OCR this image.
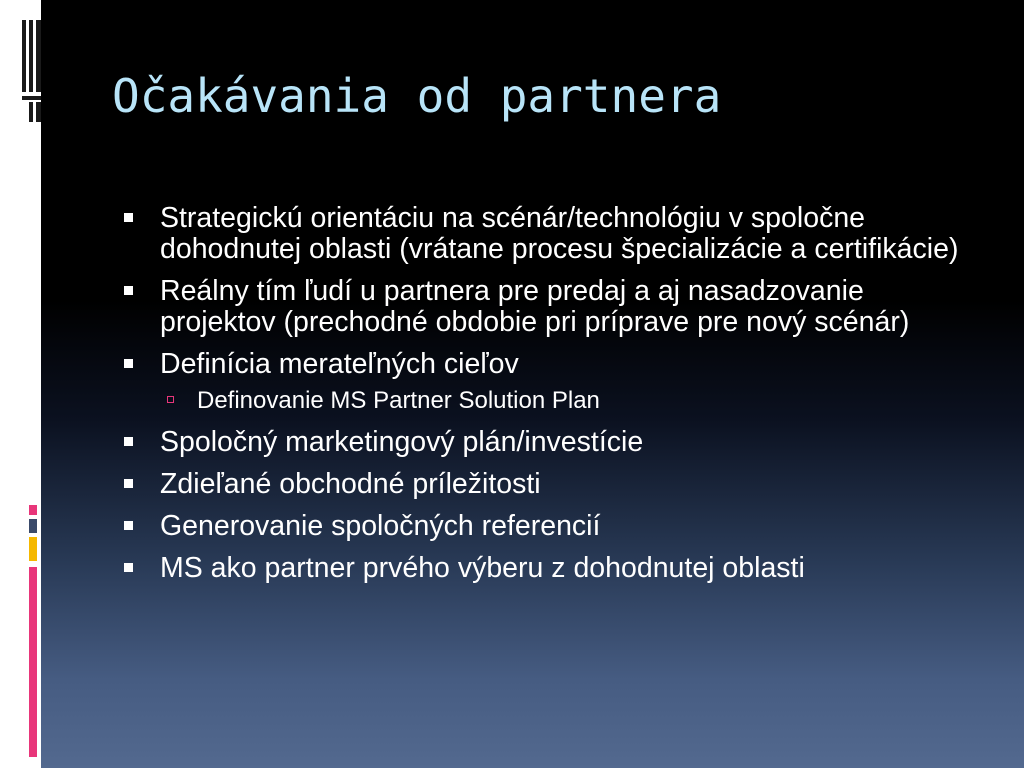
Očakávania od partnera
Strategickú orientáciu na scénár/technológiu v spoločne dohodnutej oblasti (vrátane procesu špecializácie a certifikácie)
Reálny tím ľudí u partnera pre predaj a aj nasadzovanie projektov (prechodné obdobie pri príprave pre nový scénár)
Definícia merateľných cieľov
Definovanie MS Partner Solution Plan
Spoločný marketingový plán/investície
Zdieľané obchodné príležitosti
Generovanie spoločných referencií
MS ako partner prvého výberu z dohodnutej oblasti
